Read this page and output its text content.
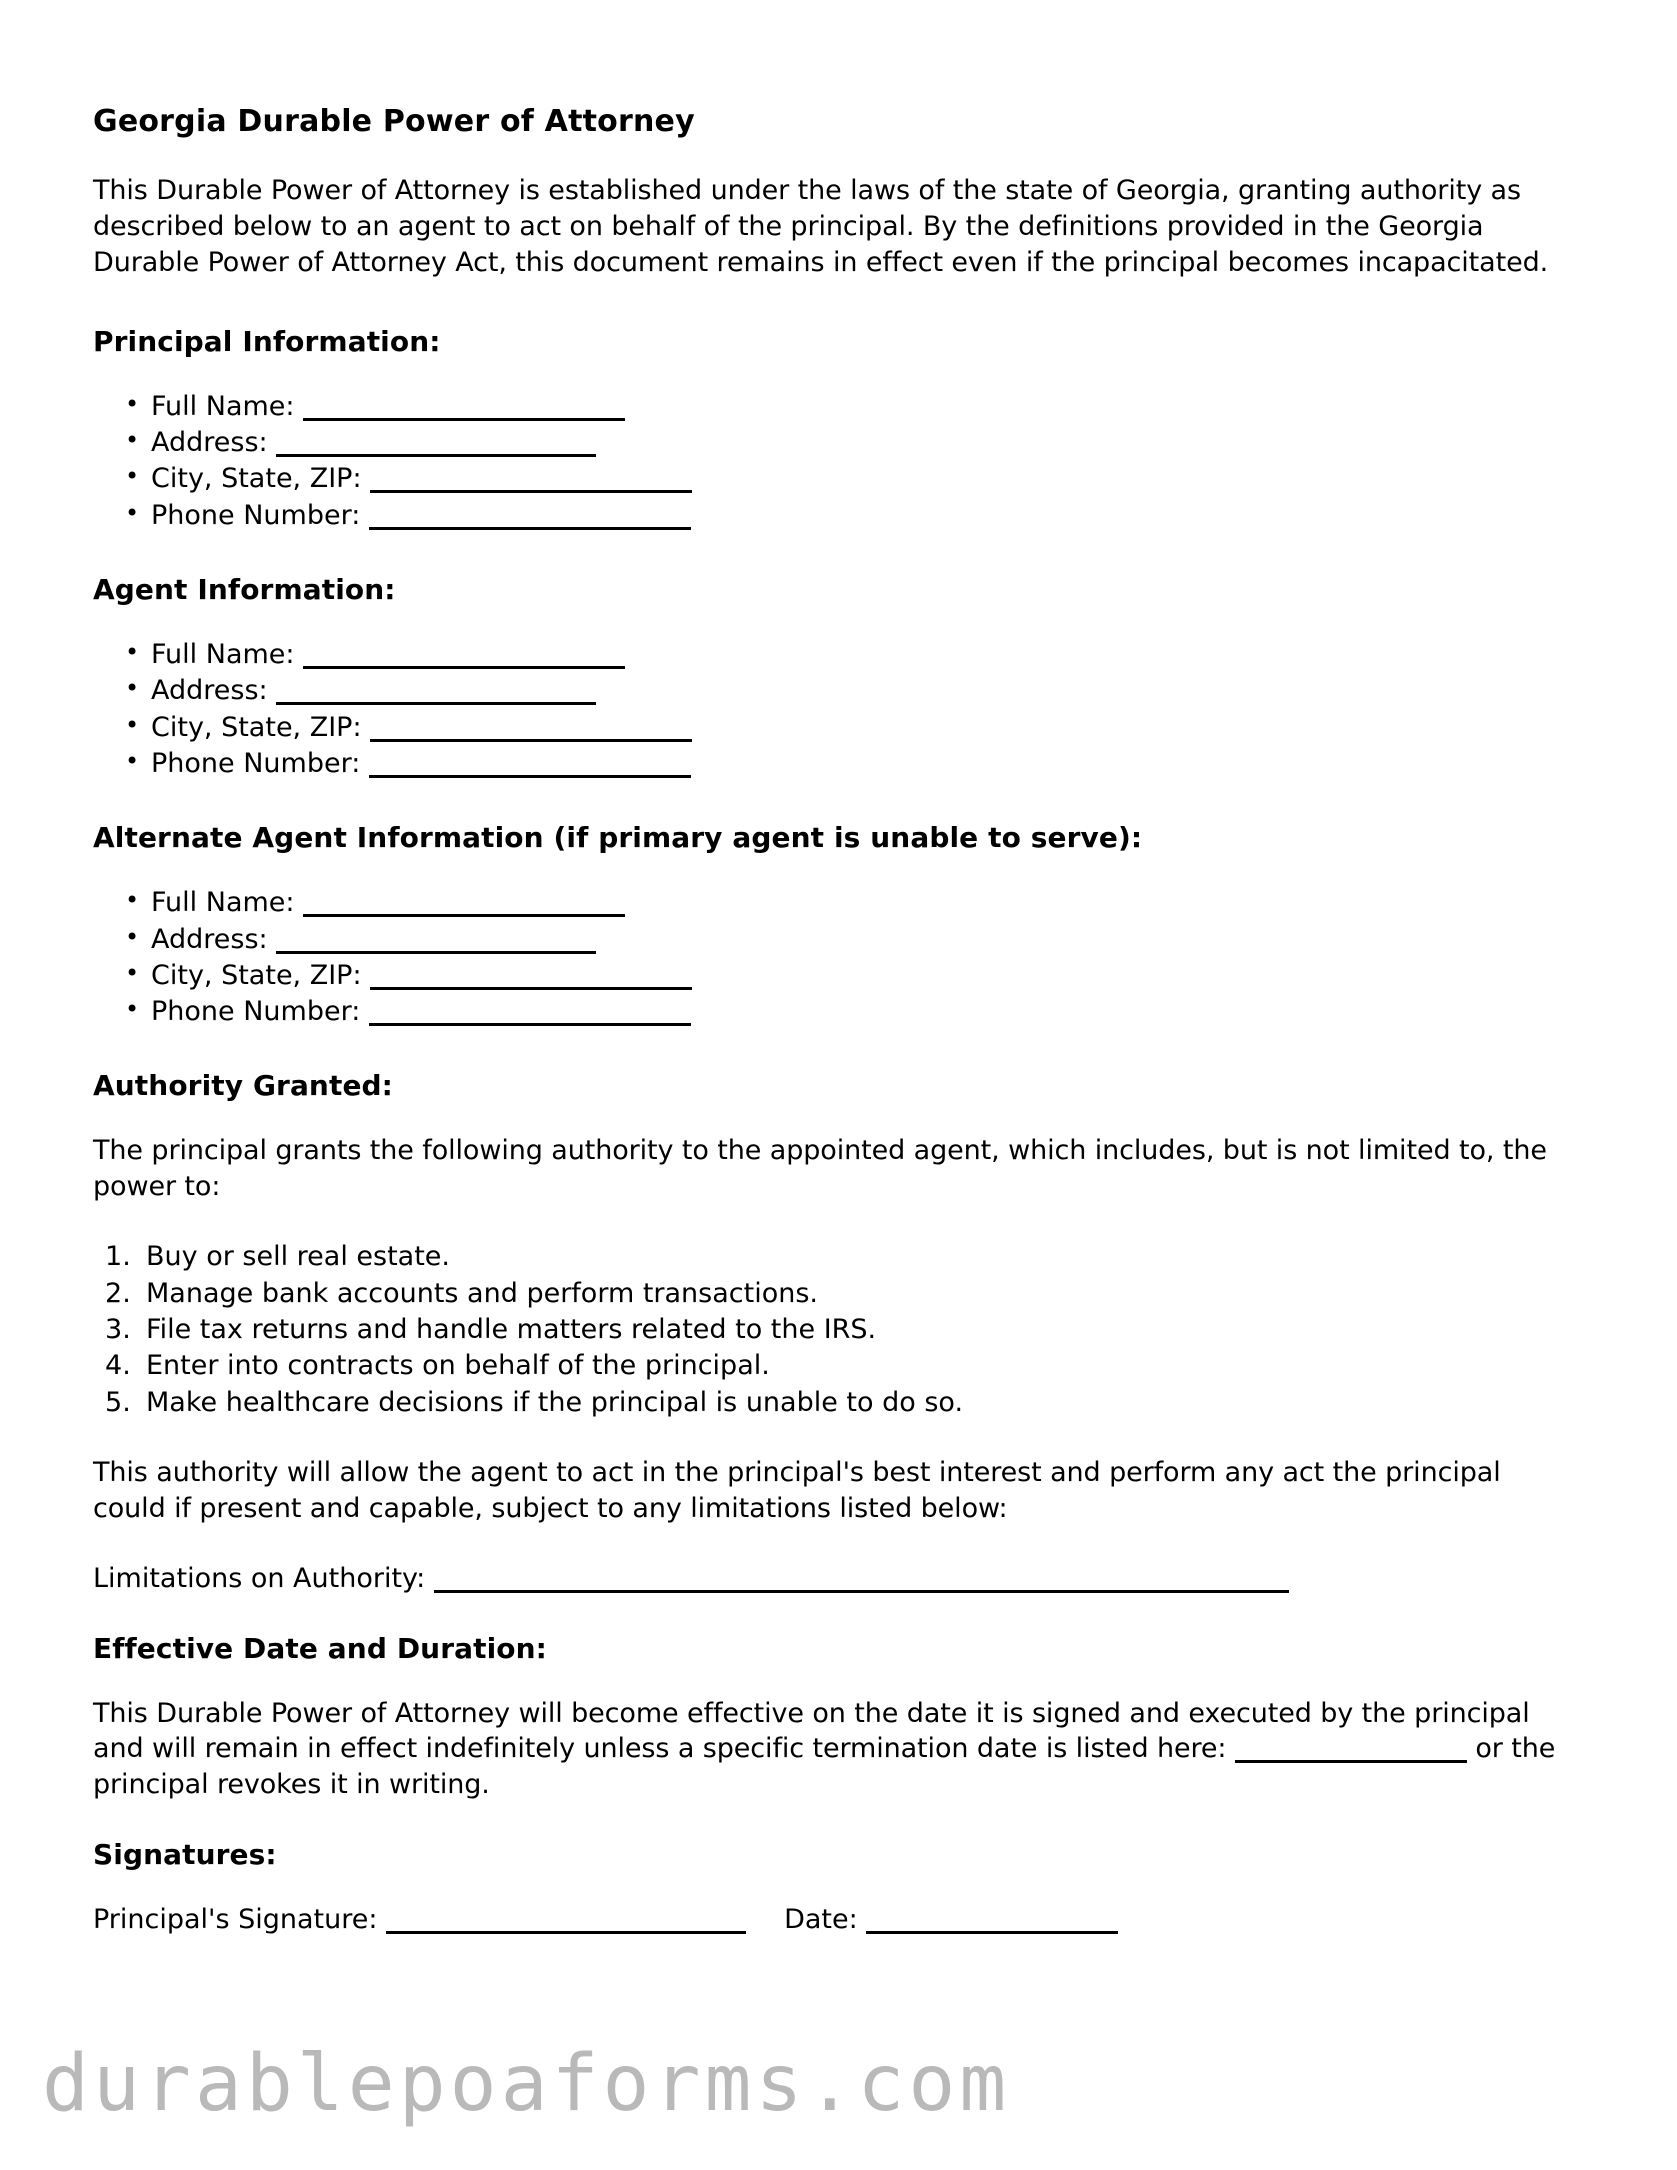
Georgia Durable Power of Attorney

This Durable Power of Attorney is established under the laws of the state of Georgia, granting authority as described below to an agent to act on behalf of the principal. By the definitions provided in the Georgia Durable Power of Attorney Act, this document remains in effect even if the principal becomes incapacitated.

Principal Information:
• Full Name:
• Address:
• City, State, ZIP:
• Phone Number:
Agent Information:
• Full Name:
• Address:
• City, State, ZIP:
• Phone Number:
Alternate Agent Information (if primary agent is unable to serve):
• Full Name:
• Address:
• City, State, ZIP:
• Phone Number:
Authority Granted:

The principal grants the following authority to the appointed agent, which includes, but is not limited to, the power to:

Buy or sell real estate.
Manage bank accounts and perform transactions.
File tax returns and handle matters related to the IRS.
Enter into contracts on behalf of the principal.
Make healthcare decisions if the principal is unable to do so.

This authority will allow the agent to act in the principal's best interest and perform any act the principal could if present and capable, subject to any limitations listed below:

Limitations on Authority:

Effective Date and Duration:

This Durable Power of Attorney will become effective on the date it is signed and executed by the principal and will remain in effect indefinitely unless a specific termination date is listed here:	or the principal revokes it in writing.

Signatures:

Principal's Signature:	Date:

durablepoaforms.com
